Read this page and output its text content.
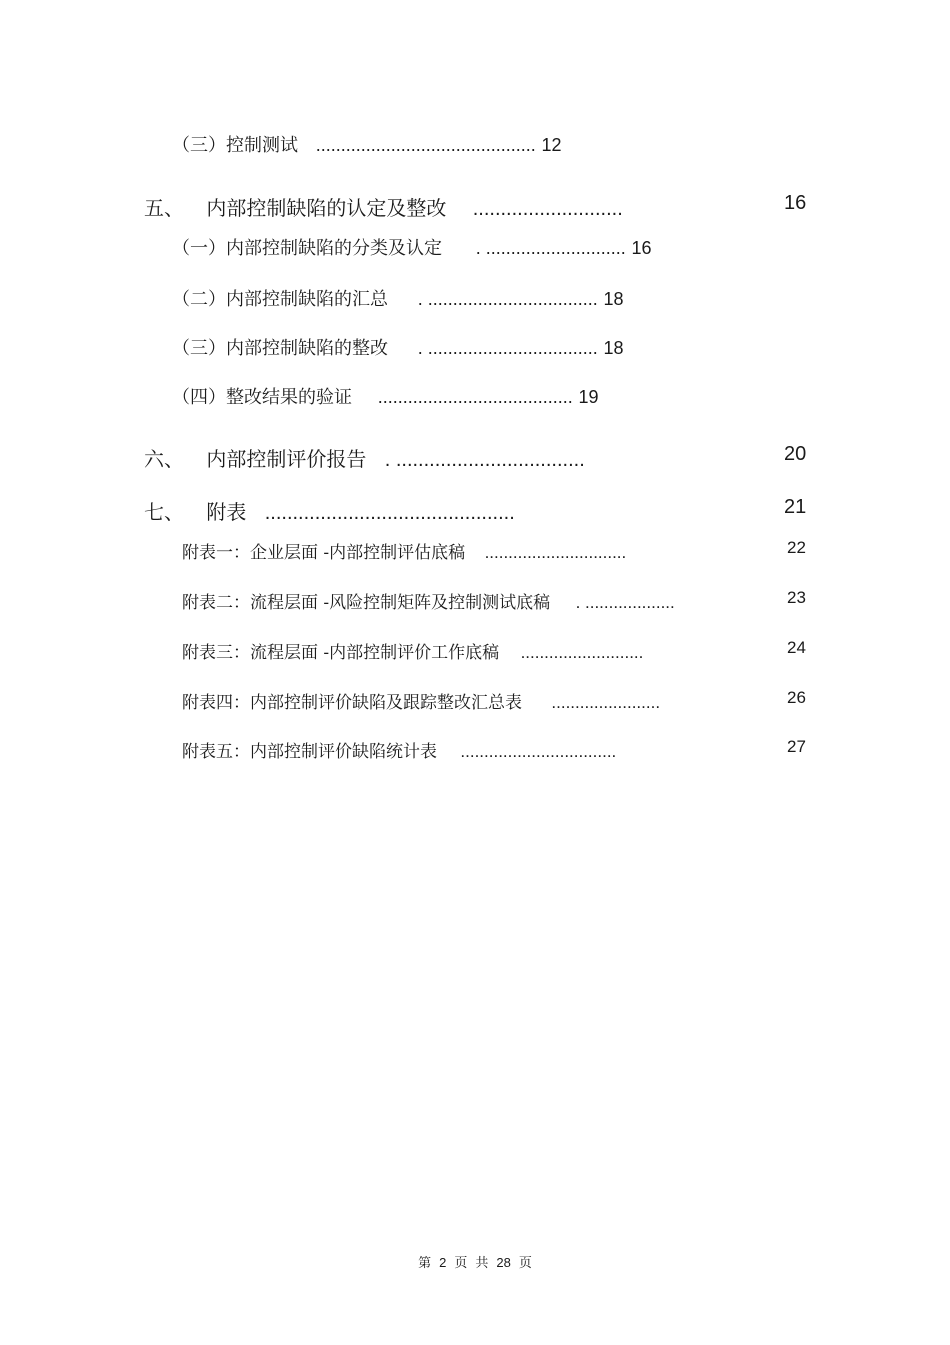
（三）控制测试 ............................................ 12
五、 内部控制缺陷的认定及整改 ...........................	16
（一）内部控制缺陷的分类及认定 . ............................ 16
（二）内部控制缺陷的汇总 . .................................. 18
（三）内部控制缺陷的整改 . .................................. 18
（四）整改结果的验证 ....................................... 19
六、 内部控制评价报告 . ..................................	20
七、 附表 .............................................	21
附表一：企业层面 -内部控制评估底稿 ..............................	22
附表二：流程层面 -风险控制矩阵及控制测试底稿 . ...................	23
附表三：流程层面 -内部控制评价工作底稿 ..........................	24
附表四：内部控制评价缺陷及跟踪整改汇总表 .......................	26
附表五：内部控制评价缺陷统计表 .................................	27
第 2 页 共 28 页
